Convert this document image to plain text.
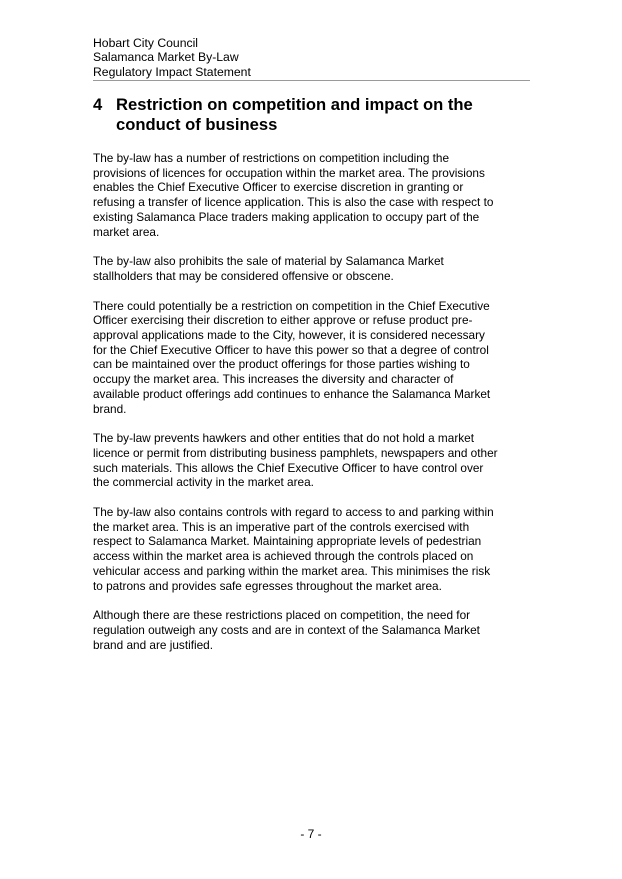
Hobart City Council
Salamanca Market By-Law
Regulatory Impact Statement
4 Restriction on competition and impact on the
conduct of business

The by-law has a number of restrictions on competition including the
provisions of licences for occupation within the market area. The provisions
enables the Chief Executive Officer to exercise discretion in granting or
refusing a transfer of licence application. This is also the case with respect to
existing Salamanca Place traders making application to occupy part of the
market area.

The by-law also prohibits the sale of material by Salamanca Market
stallholders that may be considered offensive or obscene.

There could potentially be a restriction on competition in the Chief Executive
Officer exercising their discretion to either approve or refuse product pre-
approval applications made to the City, however, it is considered necessary
for the Chief Executive Officer to have this power so that a degree of control
can be maintained over the product offerings for those parties wishing to
occupy the market area. This increases the diversity and character of
available product offerings add continues to enhance the Salamanca Market
brand.

The by-law prevents hawkers and other entities that do not hold a market
licence or permit from distributing business pamphlets, newspapers and other
such materials. This allows the Chief Executive Officer to have control over
the commercial activity in the market area.

The by-law also contains controls with regard to access to and parking within
the market area. This is an imperative part of the controls exercised with
respect to Salamanca Market. Maintaining appropriate levels of pedestrian
access within the market area is achieved through the controls placed on
vehicular access and parking within the market area. This minimises the risk
to patrons and provides safe egresses throughout the market area.

Although there are these restrictions placed on competition, the need for
regulation outweigh any costs and are in context of the Salamanca Market
brand and are justified.

- 7 -
